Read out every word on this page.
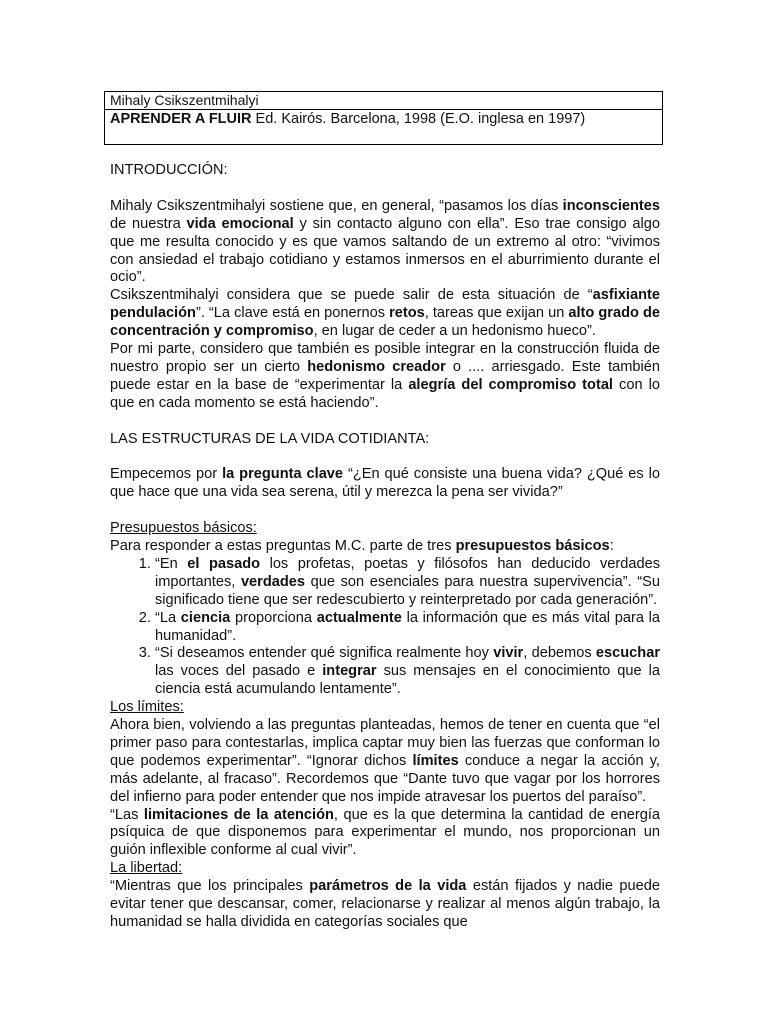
Mihaly Csikszentmihalyi
APRENDER A FLUIR Ed. Kairós. Barcelona, 1998 (E.O. inglesa en 1997)

INTRODUCCIÓN:

Mihaly Csikszentmihalyi sostiene que, en general, “pasamos los días inconscientes de nuestra vida emocional y sin contacto alguno con ella”. Eso trae consigo algo que me resulta conocido y es que vamos saltando de un extremo al otro: “vivimos con ansiedad el trabajo cotidiano y estamos inmersos en el aburrimiento durante el ocio”.

Csikszentmihalyi considera que se puede salir de esta situación de “asfixiante pendulación”. “La clave está en ponernos retos, tareas que exijan un alto grado de concentración y compromiso, en lugar de ceder a un hedonismo hueco”.

Por mi parte, considero que también es posible integrar en la construcción fluida de nuestro propio ser un cierto hedonismo creador o .... arriesgado. Este también puede estar en la base de “experimentar la alegría del compromiso total con lo que en cada momento se está haciendo”.

LAS ESTRUCTURAS DE LA VIDA COTIDIANTA:

Empecemos por la pregunta clave “¿En qué consiste una buena vida? ¿Qué es lo que hace que una vida sea serena, útil y merezca la pena ser vivida?”

Presupuestos básicos:

Para responder a estas preguntas M.C. parte de tres presupuestos básicos:

1. “En el pasado los profetas, poetas y filósofos han deducido verdades importantes, verdades que son esenciales para nuestra supervivencia”. “Su significado tiene que ser redescubierto y reinterpretado por cada generación”.
2. “La ciencia proporciona actualmente la información que es más vital para la humanidad”.
3. “Si deseamos entender qué significa realmente hoy vivir, debemos escuchar las voces del pasado e integrar sus mensajes en el conocimiento que la ciencia está acumulando lentamente”.

Los límites:

Ahora bien, volviendo a las preguntas planteadas, hemos de tener en cuenta que “el primer paso para contestarlas, implica captar muy bien las fuerzas que conforman lo que podemos experimentar”. “Ignorar dichos límites conduce a negar la acción y, más adelante, al fracaso”. Recordemos que “Dante tuvo que vagar por los horrores del infierno para poder entender que nos impide atravesar los puertos del paraíso”.

“Las limitaciones de la atención, que es la que determina la cantidad de energía psíquica de que disponemos para experimentar el mundo, nos proporcionan un guión inflexible conforme al cual vivir”.

La libertad:

“Mientras que los principales parámetros de la vida están fijados y nadie puede evitar tener que descansar, comer, relacionarse y realizar al menos algún trabajo, la humanidad se halla dividida en categorías sociales que
